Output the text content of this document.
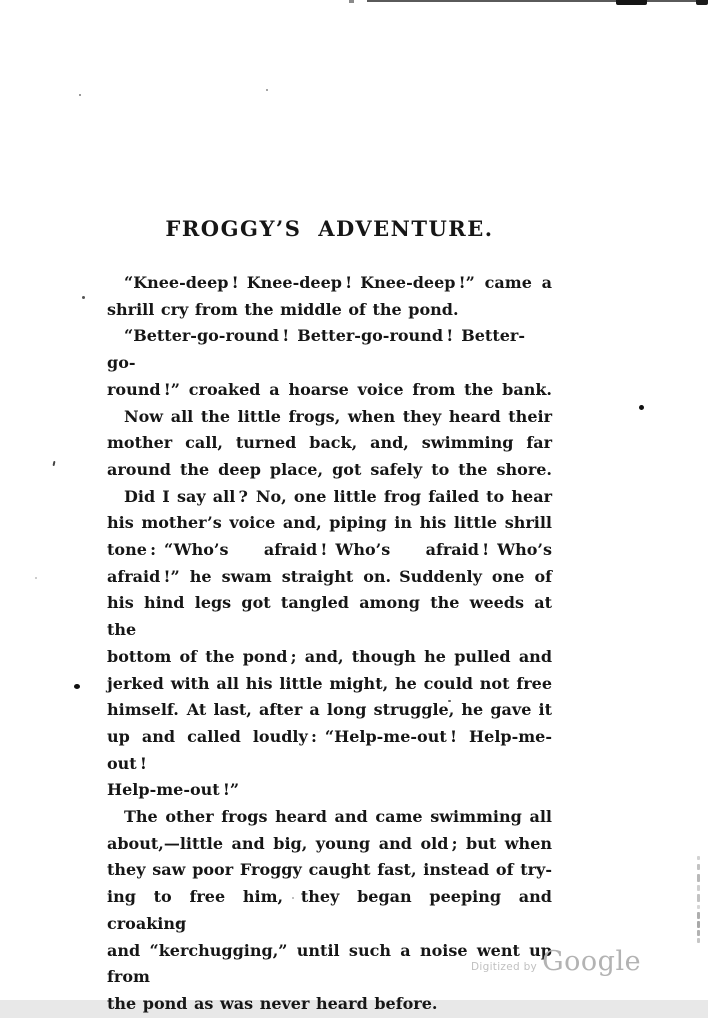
FROGGY’S ADVENTURE.
“Knee-deep ! Knee-deep ! Knee-deep !” came a
shrill cry from the middle of the pond.
“Better-go-round ! Better-go-round ! Better-go-
round !” croaked a hoarse voice from the bank.
Now all the little frogs, when they heard their
mother call, turned back, and, swimming far
around the deep place, got safely to the shore.
Did I say all ? No, one little frog failed to hear
his mother’s voice and, piping in his little shrill
tone : “Who’s afraid ! Who’s afraid ! Who’s
afraid !” he swam straight on. Suddenly one of
his hind legs got tangled among the weeds at the
bottom of the pond ; and, though he pulled and
jerked with all his little might, he could not free
himself. At last, after a long struggle, he gave it
up and called loudly : “Help-me-out ! Help-me-out !
Help-me-out !”
The other frogs heard and came swimming all
about,—little and big, young and old ; but when
they saw poor Froggy caught fast, instead of try-
ing to free him, they began peeping and croaking
and “kerchugging,” until such a noise went up from
the pond as was never heard before.
Digitized by Google
